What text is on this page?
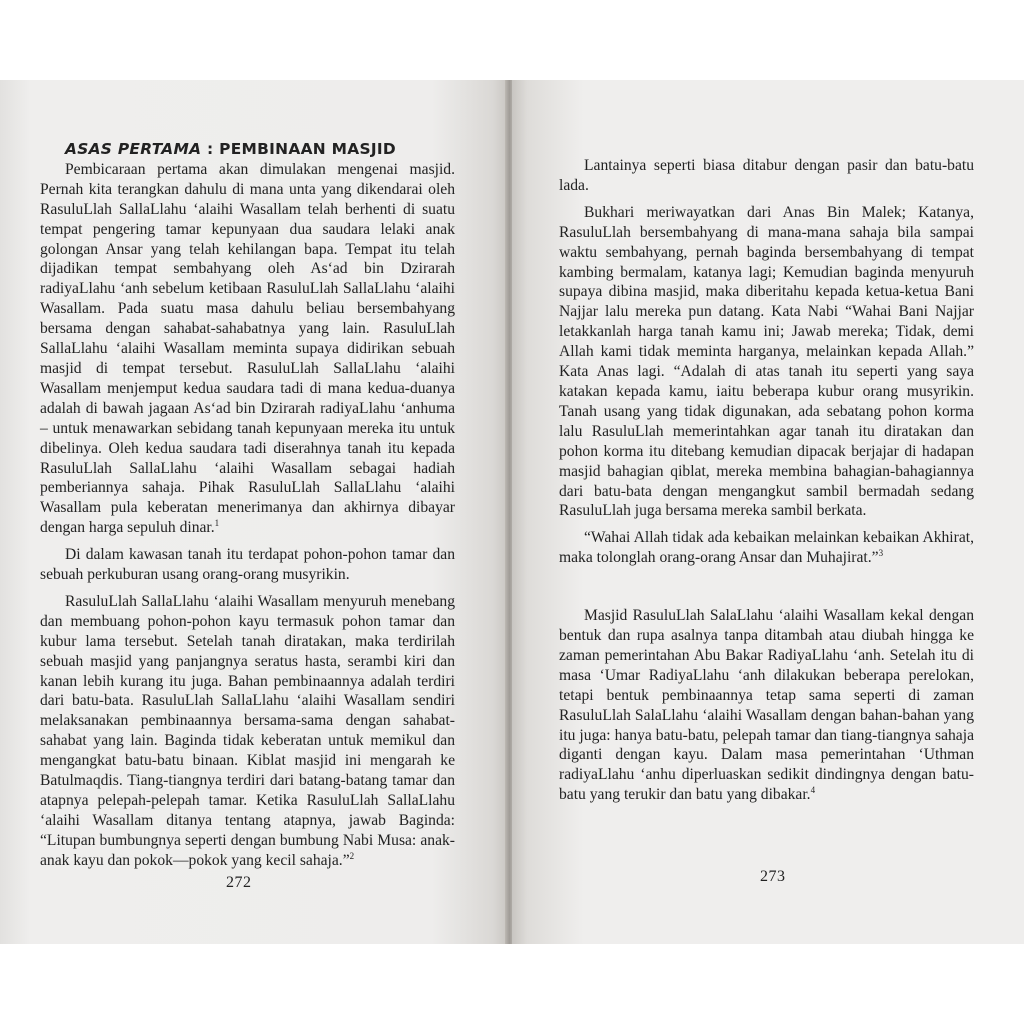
ASAS PERTAMA : PEMBINAAN MASJID

Pembicaraan pertama akan dimulakan mengenai masjid. Pernah kita terangkan dahulu di mana unta yang dikendarai oleh RasuluLlah SallaLlahu ‘alaihi Wasallam telah berhenti di suatu tempat pengering tamar kepunyaan dua saudara lelaki anak golongan Ansar yang telah kehilangan bapa. Tempat itu telah dijadikan tempat sembahyang oleh As‘ad bin Dzirarah radiyaLlahu ‘anh sebelum ketibaan RasuluLlah SallaLlahu ‘alaihi Wasallam. Pada suatu masa dahulu beliau bersembahyang bersama dengan sahabat-sahabatnya yang lain. RasuluLlah SallaLlahu ‘alaihi Wasallam meminta supaya didirikan sebuah masjid di tempat tersebut. RasuluLlah SallaLlahu ‘alaihi Wasallam menjemput kedua saudara tadi di mana kedua-duanya adalah di bawah jagaan As‘ad bin Dzirarah radiyaLlahu ‘anhuma – untuk menawarkan sebidang tanah kepunyaan mereka itu untuk dibelinya. Oleh kedua saudara tadi diserahnya tanah itu kepada RasuluLlah SallaLlahu ‘alaihi Wasallam sebagai hadiah pemberiannya sahaja. Pihak RasuluLlah SallaLlahu ‘alaihi Wasallam pula keberatan menerimanya dan akhirnya dibayar dengan harga sepuluh dinar.$^1$

Di dalam kawasan tanah itu terdapat pohon-pohon tamar dan sebuah perkuburan usang orang-orang musyrikin.

RasuluLlah SallaLlahu ‘alaihi Wasallam menyuruh menebang dan membuang pohon-pohon kayu termasuk pohon tamar dan kubur lama tersebut. Setelah tanah diratakan, maka terdirilah sebuah masjid yang panjangnya seratus hasta, serambi kiri dan kanan lebih kurang itu juga. Bahan pembinaannya adalah terdiri dari batu-bata. RasuluLlah SallaLlahu ‘alaihi Wasallam sendiri melaksanakan pembinaannya bersama-sama dengan sahabat-sahabat yang lain. Baginda tidak keberatan untuk memikul dan mengangkat batu-batu binaan. Kiblat masjid ini mengarah ke Batulmaqdis. Tiang-tiangnya terdiri dari batang-batang tamar dan atapnya pelepah-pelepah tamar. Ketika RasuluLlah SallaLlahu ‘alaihi Wasallam ditanya tentang atapnya, jawab Baginda: “Litupan bumbungnya seperti dengan bumbung Nabi Musa: anak-anak kayu dan pokok—pokok yang kecil sahaja.”$^2$

272

Lantainya seperti biasa ditabur dengan pasir dan batu-batu lada.

Bukhari meriwayatkan dari Anas Bin Malek; Katanya, RasuluLlah bersembahyang di mana-mana sahaja bila sampai waktu sembahyang, pernah baginda bersembahyang di tempat kambing bermalam, katanya lagi; Kemudian baginda menyuruh supaya dibina masjid, maka diberitahu kepada ketua-ketua Bani Najjar lalu mereka pun datang. Kata Nabi “Wahai Bani Najjar letakkanlah harga tanah kamu ini; Jawab mereka; Tidak, demi Allah kami tidak meminta harganya, melainkan kepada Allah.” Kata Anas lagi. “Adalah di atas tanah itu seperti yang saya katakan kepada kamu, iaitu beberapa kubur orang musyrikin. Tanah usang yang tidak digunakan, ada sebatang pohon korma lalu RasuluLlah memerintahkan agar tanah itu diratakan dan pohon korma itu ditebang kemudian dipacak berjajar di hadapan masjid bahagian qiblat, mereka membina bahagian-bahagiannya dari batu-bata dengan mengangkut sambil bermadah sedang RasuluLlah juga bersama mereka sambil berkata.

“Wahai Allah tidak ada kebaikan melainkan kebaikan Akhirat, maka tolonglah orang-orang Ansar dan Muhajirat.”$^3$

Masjid RasuluLlah SalaLlahu ‘alaihi Wasallam kekal dengan bentuk dan rupa asalnya tanpa ditambah atau diubah hingga ke zaman pemerintahan Abu Bakar RadiyaLlahu ‘anh. Setelah itu di masa ‘Umar RadiyaLlahu ‘anh dilakukan beberapa perelokan, tetapi bentuk pembinaannya tetap sama seperti di zaman RasuluLlah SalaLlahu ‘alaihi Wasallam dengan bahan-bahan yang itu juga: hanya batu-batu, pelepah tamar dan tiang-tiangnya sahaja diganti dengan kayu. Dalam masa pemerintahan ‘Uthman radiyaLlahu ‘anhu diperluaskan sedikit dindingnya dengan batu-batu yang terukir dan batu yang dibakar.$^4$

273
